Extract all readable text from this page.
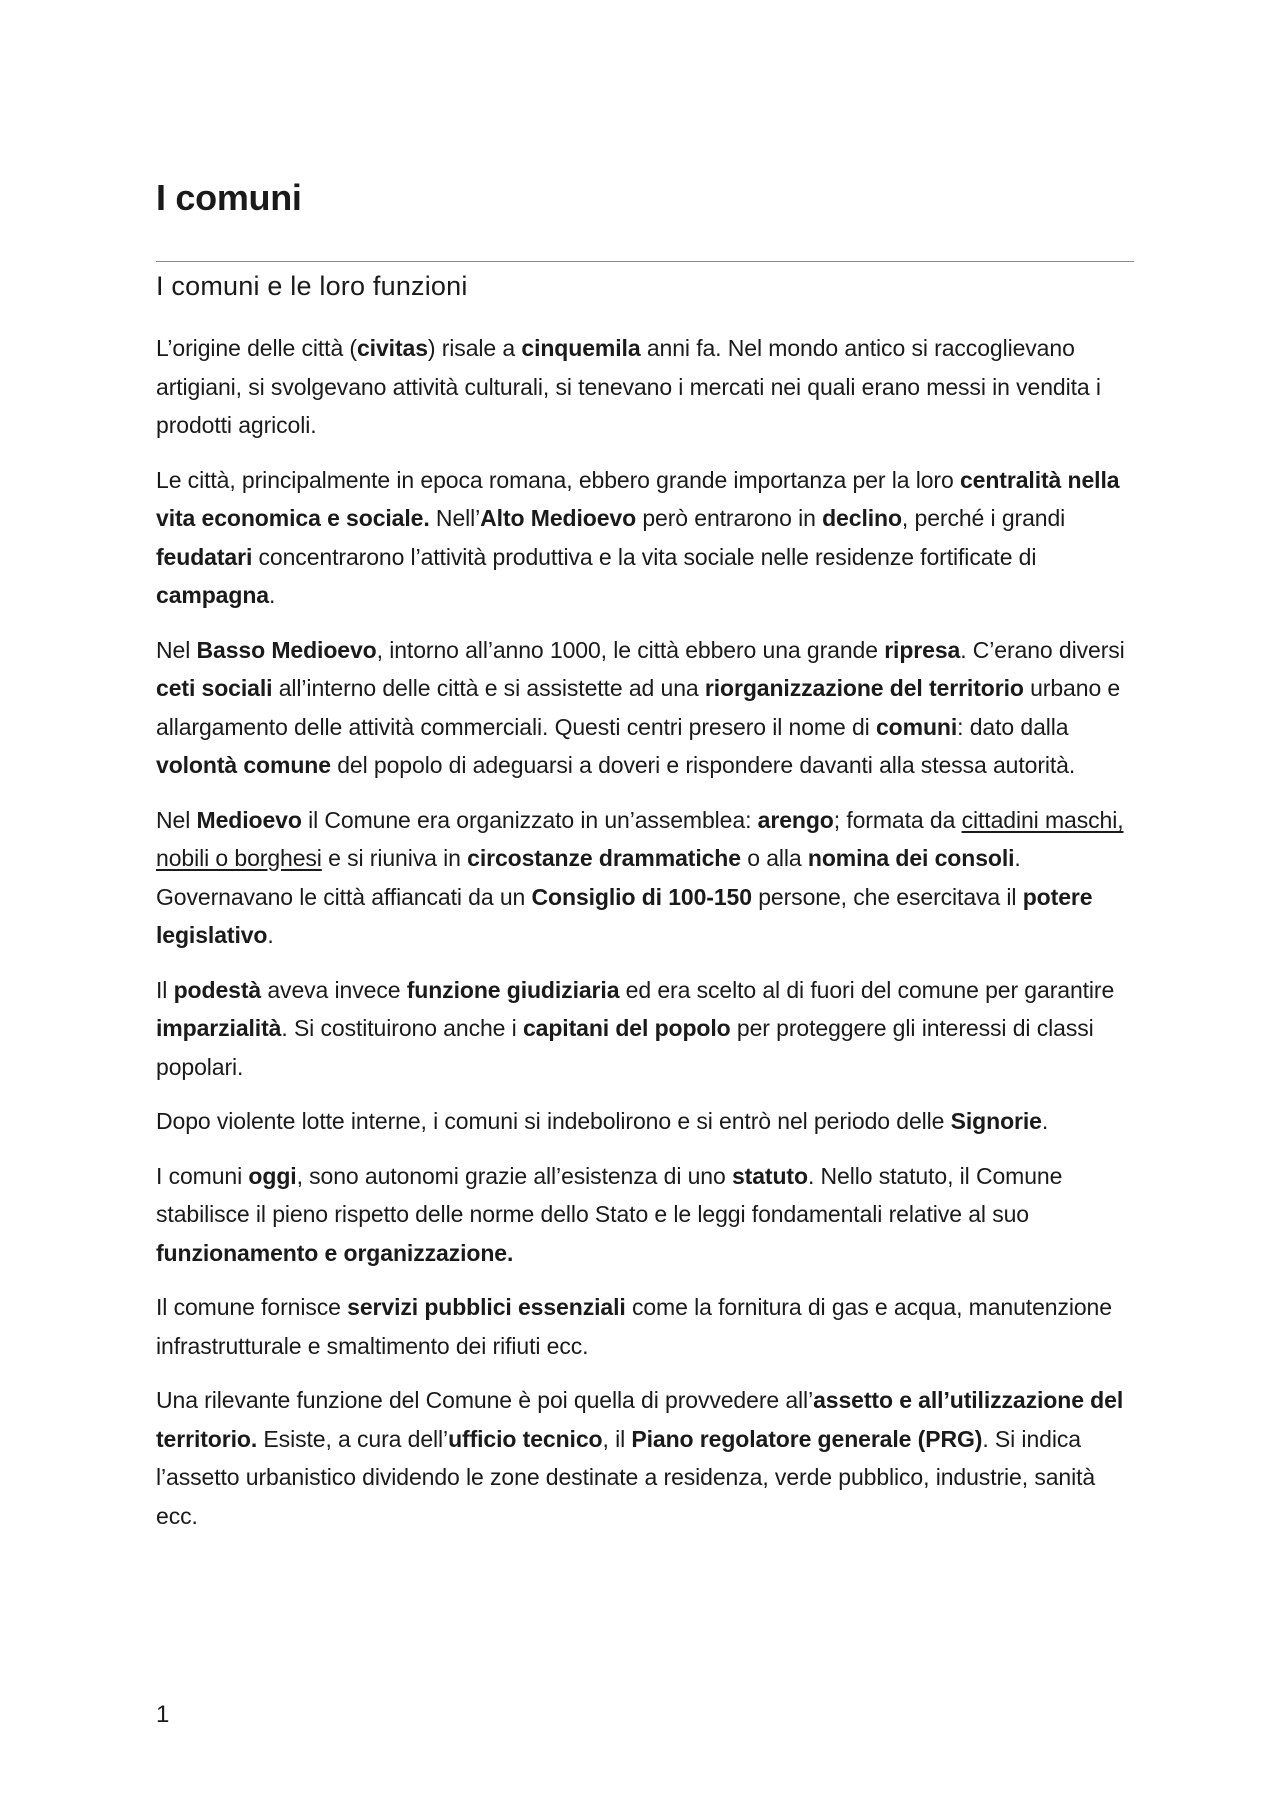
I comuni
I comuni e le loro funzioni

L’origine delle città (civitas) risale a cinquemila anni fa. Nel mondo antico si raccoglievano artigiani, si svolgevano attività culturali, si tenevano i mercati nei quali erano messi in vendita i prodotti agricoli.

Le città, principalmente in epoca romana, ebbero grande importanza per la loro centralità nella vita economica e sociale. Nell’Alto Medioevo però entrarono in declino, perché i grandi feudatari concentrarono l’attività produttiva e la vita sociale nelle residenze fortificate di campagna.

Nel Basso Medioevo, intorno all’anno 1000, le città ebbero una grande ripresa. C’erano diversi ceti sociali all’interno delle città e si assistette ad una riorganizzazione del territorio urbano e allargamento delle attività commerciali. Questi centri presero il nome di comuni: dato dalla volontà comune del popolo di adeguarsi a doveri e rispondere davanti alla stessa autorità.

Nel Medioevo il Comune era organizzato in un’assemblea: arengo; formata da cittadini maschi, nobili o borghesi e si riuniva in circostanze drammatiche o alla nomina dei consoli. Governavano le città affiancati da un Consiglio di 100-150 persone, che esercitava il potere legislativo.

Il podestà aveva invece funzione giudiziaria ed era scelto al di fuori del comune per garantire imparzialità. Si costituirono anche i capitani del popolo per proteggere gli interessi di classi popolari.

Dopo violente lotte interne, i comuni si indebolirono e si entrò nel periodo delle Signorie.

I comuni oggi, sono autonomi grazie all’esistenza di uno statuto. Nello statuto, il Comune stabilisce il pieno rispetto delle norme dello Stato e le leggi fondamentali relative al suo funzionamento e organizzazione.

Il comune fornisce servizi pubblici essenziali come la fornitura di gas e acqua, manutenzione infrastrutturale e smaltimento dei rifiuti ecc.

Una rilevante funzione del Comune è poi quella di provvedere all’assetto e all’utilizzazione del territorio. Esiste, a cura dell’ufficio tecnico, il Piano regolatore generale (PRG). Si indica l’assetto urbanistico dividendo le zone destinate a residenza, verde pubblico, industrie, sanità ecc.

1
